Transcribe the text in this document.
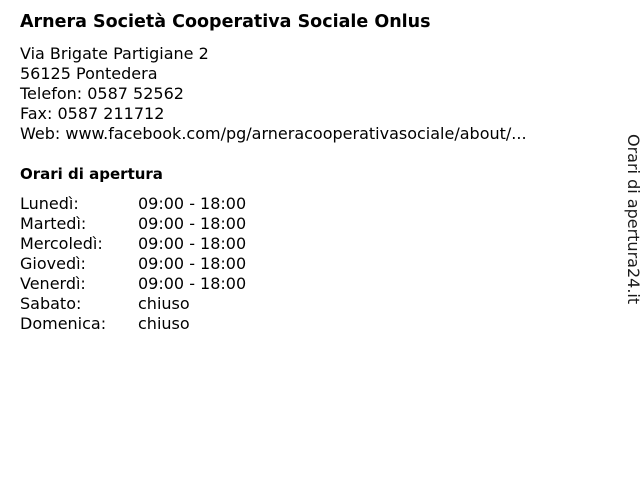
Arnera Società Cooperativa Sociale Onlus
Via Brigate Partigiane 2
56125 Pontedera
Telefon: 0587 52562
Fax: 0587 211712
Web: www.facebook.com/pg/arneracooperativasociale/about/...
Orari di apertura
Lunedì:	09:00 - 18:00
Martedì:	09:00 - 18:00
Mercoledì: 09:00 - 18:00
Giovedì:	09:00 - 18:00
Venerdì:	09:00 - 18:00
Sabato:	chiuso
Domenica: chiuso
Orari di apertura24.it
